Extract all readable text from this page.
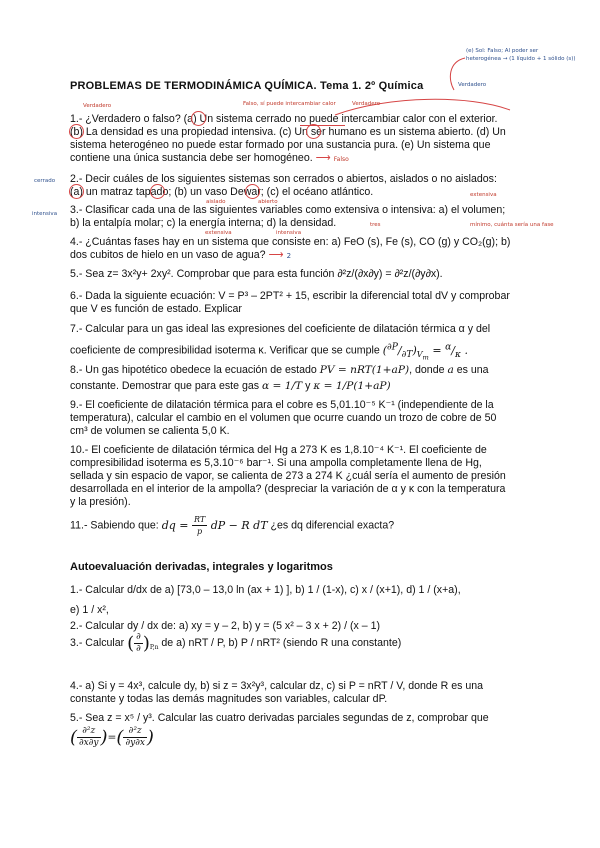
(e) Sol: Falso; Al poder ser
heterogénea → (1 líquido + 1 sólido (s))
Verdadero
PROBLEMAS DE TERMODINÁMICA QUÍMICA. Tema 1. 2º Química
Verdadero	Falso, sí puede intercambiar calor	Verdadero
1.- ¿Verdadero o falso? (a) Un sistema cerrado no puede intercambiar calor con el exterior.
(b) La densidad es una propiedad intensiva. (c) Un ser humano es un sistema abierto. (d) Un
sistema heterogéneo no puede estar formado por una sustancia pura. (e) Un sistema que
contiene una única sustancia debe ser homogéneo. ⟶ Falso
cerrado 2.- Decir cuáles de los siguientes sistemas son cerrados o abiertos, aislados o no aislados:
(a) un matraz tapado; (b) un vaso Dewar; (c) el océano atlántico.
aislado	abierto
intensiva
extensiva
3.- Clasificar cada una de las siguientes variables como extensiva o intensiva: a) el volumen;
b) la entalpía molar; c) la energía interna; d) la densidad.
intensiva
extensiva
tres	mínimo, cuánta sería una fase
4.- ¿Cuántas fases hay en un sistema que consiste en: a) FeO (s), Fe (s), CO (g) y CO₂(g); b)
dos cubitos de hielo en un vaso de agua? ⟶ 2
5.- Sea z= 3x²y+ 2xy². Comprobar que para esta función ∂²z/(∂x∂y) = ∂²z/(∂y∂x).
6.- Dada la siguiente ecuación: V = P³ – 2PT² + 15, escribir la diferencial total dV y comprobar
que V es función de estado. Explicar
7.- Calcular para un gas ideal las expresiones del coeficiente de dilatación térmica α y del
coeficiente de compresibilidad isoterma κ. Verificar que se cumple $(^{\partial P}/_{\partial T})_{V_m} = ^\alpha/_\kappa$ .
8.- Un gas hipotético obedece la ecuación de estado PV = nRT(1+aP), donde a es una
constante. Demostrar que para este gas α = 1/T y κ = 1/P(1+aP)
9.- El coeficiente de dilatación térmica para el cobre es 5,01.10⁻⁵ K⁻¹ (independiente de la
temperatura), calcular el cambio en el volumen que ocurre cuando un trozo de cobre de 50
cm³ de volumen se calienta 5,0 K.
10.- El coeficiente de dilatación térmica del Hg a 273 K es 1,8.10⁻⁴ K⁻¹. El coeficiente de
compresibilidad isoterma es 5,3.10⁻⁶ bar⁻¹. Si una ampolla completamente llena de Hg,
sellada y sin espacio de vapor, se calienta de 273 a 274 K ¿cuál sería el aumento de presión
desarrollada en el interior de la ampolla? (despreciar la variación de α y κ con la temperatura
y la presión).
11.- Sabiendo que: dq = $\frac{RT}{p}$ dP − R dT ¿es dq diferencial exacta?
Autoevaluación derivadas, integrales y logaritmos
1.- Calcular d/dx de a) [73,0 – 13,0 ln (ax + 1) ], b) 1 / (1-x), c) x / (x+1), d) 1 / (x+a),
e) 1 / x²,
2.- Calcular dy / dx de: a) xy = y – 2, b) y = (5 x² – 3 x + 2) / (x – 1)
3.- Calcular ( $\frac{\partial}{\partial} )_{P,n}$ de a) nRT / P, b) P / nRT² (siendo R una constante)
4.- a) Si y = 4x³, calcule dy, b) si z = 3x²y³, calcular dz, c) si P = nRT / V, donde R es una
constante y todas las demás magnitudes son variables, calcular dP.
5.- Sea z = x⁵ / y³. Calcular las cuatro derivadas parciales segundas de z, comprobar que
( $\frac{\text{∂²z}}{\partial x\partial y}$ )=( $\frac{\text{∂²z}}{\partial y\partial x}$ )
